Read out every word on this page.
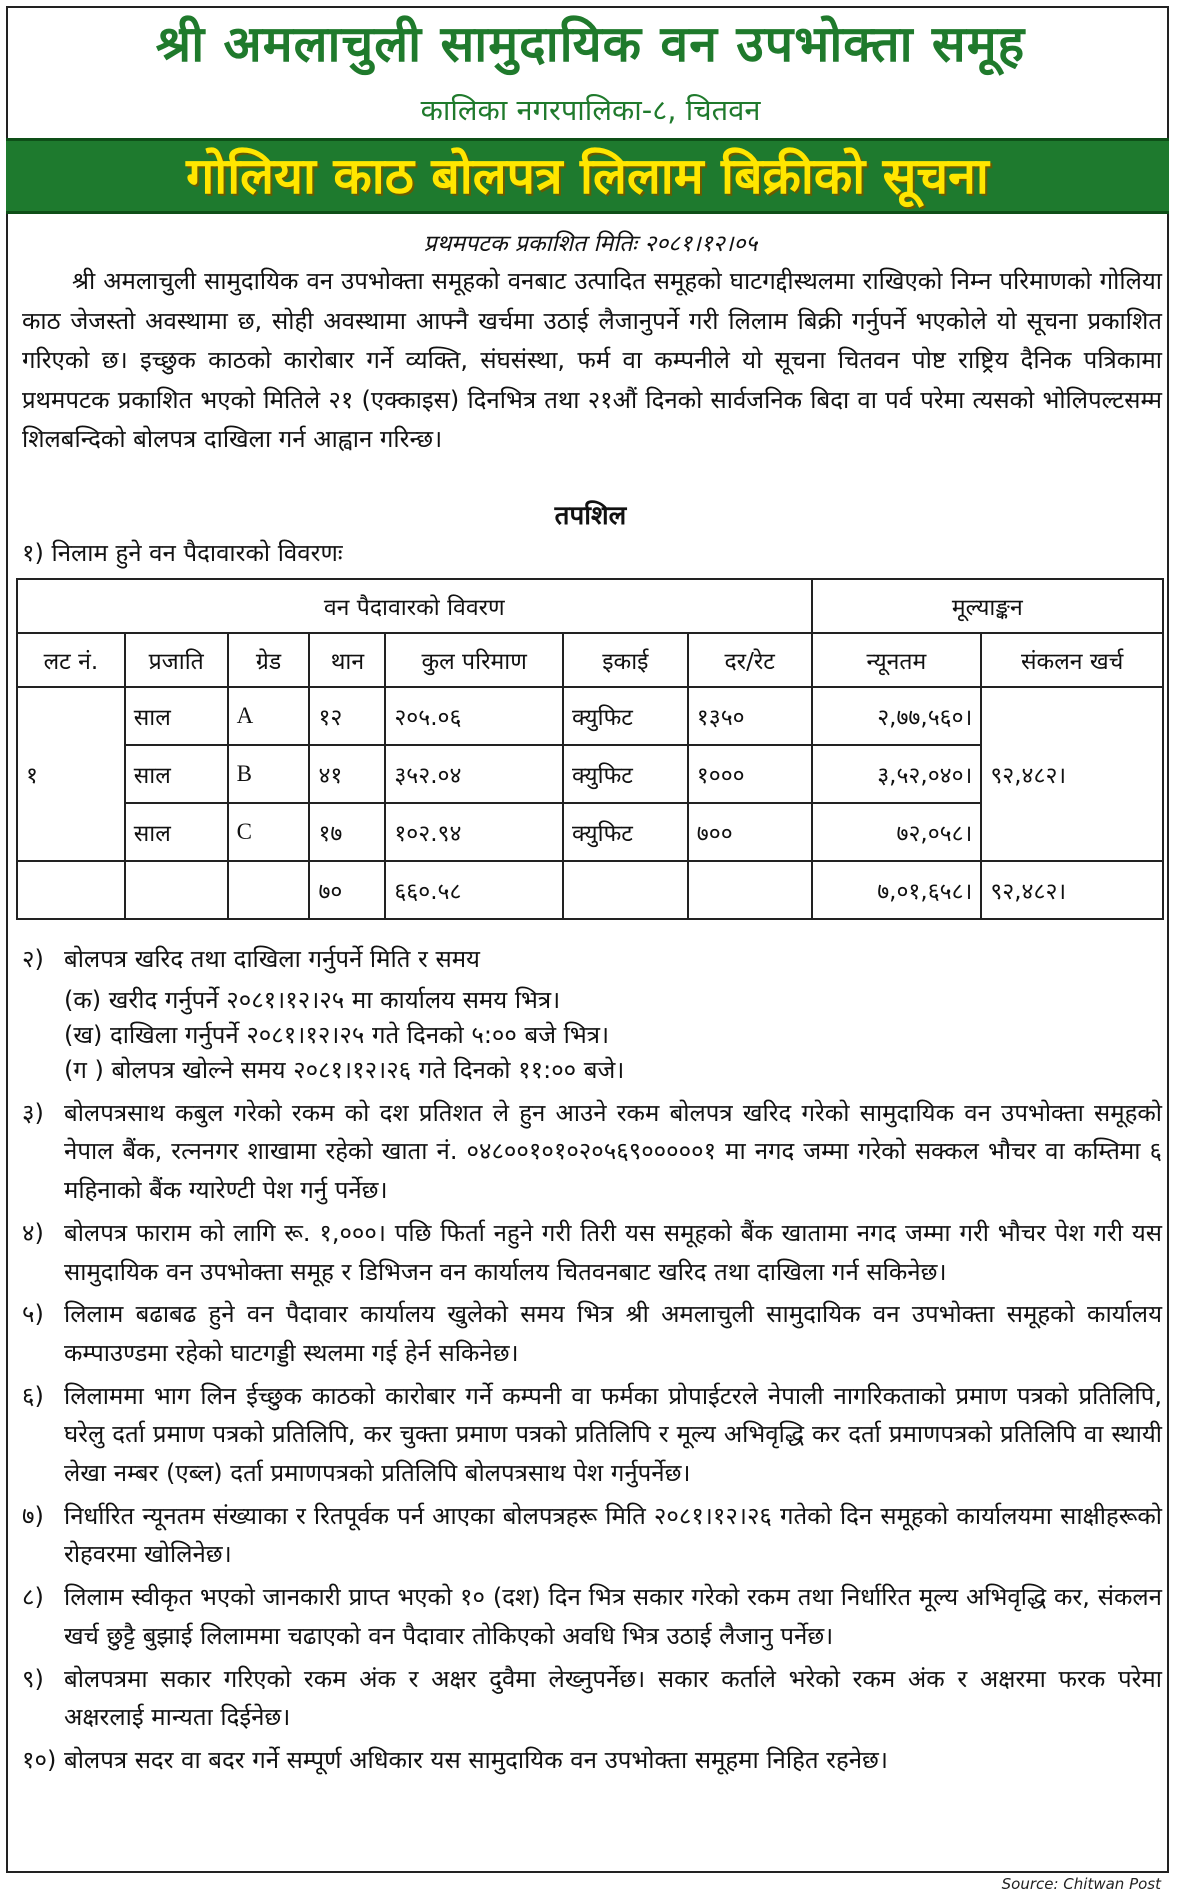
श्री अमलाचुली सामुदायिक वन उपभोक्ता समूह
कालिका नगरपालिका-८, चितवन
गोलिया काठ बोलपत्र लिलाम बिक्रीको सूचना
प्रथमपटक प्रकाशित मितिः २०८१।१२।०५
श्री अमलाचुली सामुदायिक वन उपभोक्ता समूहको वनबाट उत्पादित समूहको घाटगद्दीस्थलमा राखिएको निम्न परिमाणको गोलिया काठ जेजस्तो अवस्थामा छ, सोही अवस्थामा आफ्नै खर्चमा उठाई लैजानुपर्ने गरी लिलाम बिक्री गर्नुपर्ने भएकोले यो सूचना प्रकाशित गरिएको छ। इच्छुक काठको कारोबार गर्ने व्यक्ति, संघसंस्था, फर्म वा कम्पनीले यो सूचना चितवन पोष्ट राष्ट्रिय दैनिक पत्रिकामा प्रथमपटक प्रकाशित भएको मितिले २१ (एक्काइस) दिनभित्र तथा २१औं दिनको सार्वजनिक बिदा वा पर्व परेमा त्यसको भोलिपल्टसम्म शिलबन्दिको बोलपत्र दाखिला गर्न आह्वान गरिन्छ।
तपशिल
१) निलाम हुने वन पैदावारको विवरणः
वन पैदावारको विवरण							मूल्याङ्कन	
लट नं.	प्रजाति	ग्रेड	थान	कुल परिमाण	इकाई	दर/रेट	न्यूनतम	संकलन खर्च
१	साल	A	१२	२०५.०६	क्युफिट	१३५०	२,७७,५६०।	९२,४८२।
	साल	B	४१	३५२.०४	क्युफिट	१०००	३,५२,०४०।	
	साल	C	१७	१०२.९४	क्युफिट	७००	७२,०५८।	
			७०	६६०.५८			७,०१,६५८।	९२,४८२।
२) बोलपत्र खरिद तथा दाखिला गर्नुपर्ने मिति र समय
(क) खरीद गर्नुपर्ने २०८१।१२।२५ मा कार्यालय समय भित्र।
(ख) दाखिला गर्नुपर्ने २०८१।१२।२५ गते दिनको ५:०० बजे भित्र।
(ग ) बोलपत्र खोल्ने समय २०८१।१२।२६ गते दिनको ११:०० बजे।
३) बोलपत्रसाथ कबुल गरेको रकम को दश प्रतिशत ले हुन आउने रकम बोलपत्र खरिद गरेको सामुदायिक वन उपभोक्ता समूहको नेपाल बैंक, रत्ननगर शाखामा रहेको खाता नं. ०४८००१०१०२०५६९०००००१ मा नगद जम्मा गरेको सक्कल भौचर वा कम्तिमा ६ महिनाको बैंक ग्यारेण्टी पेश गर्नु पर्नेछ।
४) बोलपत्र फाराम को लागि रू. १,०००। पछि फिर्ता नहुने गरी तिरी यस समूहको बैंक खातामा नगद जम्मा गरी भौचर पेश गरी यस सामुदायिक वन उपभोक्ता समूह र डिभिजन वन कार्यालय चितवनबाट खरिद तथा दाखिला गर्न सकिनेछ।
५) लिलाम बढाबढ हुने वन पैदावार कार्यालय खुलेको समय भित्र श्री अमलाचुली सामुदायिक वन उपभोक्ता समूहको कार्यालय कम्पाउण्डमा रहेको घाटगड्डी स्थलमा गई हेर्न सकिनेछ।
६) लिलाममा भाग लिन ईच्छुक काठको कारोबार गर्ने कम्पनी वा फर्मका प्रोपाईटरले नेपाली नागरिकताको प्रमाण पत्रको प्रतिलिपि, घरेलु दर्ता प्रमाण पत्रको प्रतिलिपि, कर चुक्ता प्रमाण पत्रको प्रतिलिपि र मूल्य अभिवृद्धि कर दर्ता प्रमाणपत्रको प्रतिलिपि वा स्थायी लेखा नम्बर (एब्ल) दर्ता प्रमाणपत्रको प्रतिलिपि बोलपत्रसाथ पेश गर्नुपर्नेछ।
७) निर्धारित न्यूनतम संख्याका र रितपूर्वक पर्न आएका बोलपत्रहरू मिति २०८१।१२।२६ गतेको दिन समूहको कार्यालयमा साक्षीहरूको रोहवरमा खोलिनेछ।
८) लिलाम स्वीकृत भएको जानकारी प्राप्त भएको १० (दश) दिन भित्र सकार गरेको रकम तथा निर्धारित मूल्य अभिवृद्धि कर, संकलन खर्च छुट्टै बुझाई लिलाममा चढाएको वन पैदावार तोकिएको अवधि भित्र उठाई लैजानु पर्नेछ।
९) बोलपत्रमा सकार गरिएको रकम अंक र अक्षर दुवैमा लेख्नुपर्नेछ। सकार कर्ताले भरेको रकम अंक र अक्षरमा फरक परेमा अक्षरलाई मान्यता दिईनेछ।
१०) बोलपत्र सदर वा बदर गर्ने सम्पूर्ण अधिकार यस सामुदायिक वन उपभोक्ता समूहमा निहित रहनेछ।
Source: Chitwan Post
